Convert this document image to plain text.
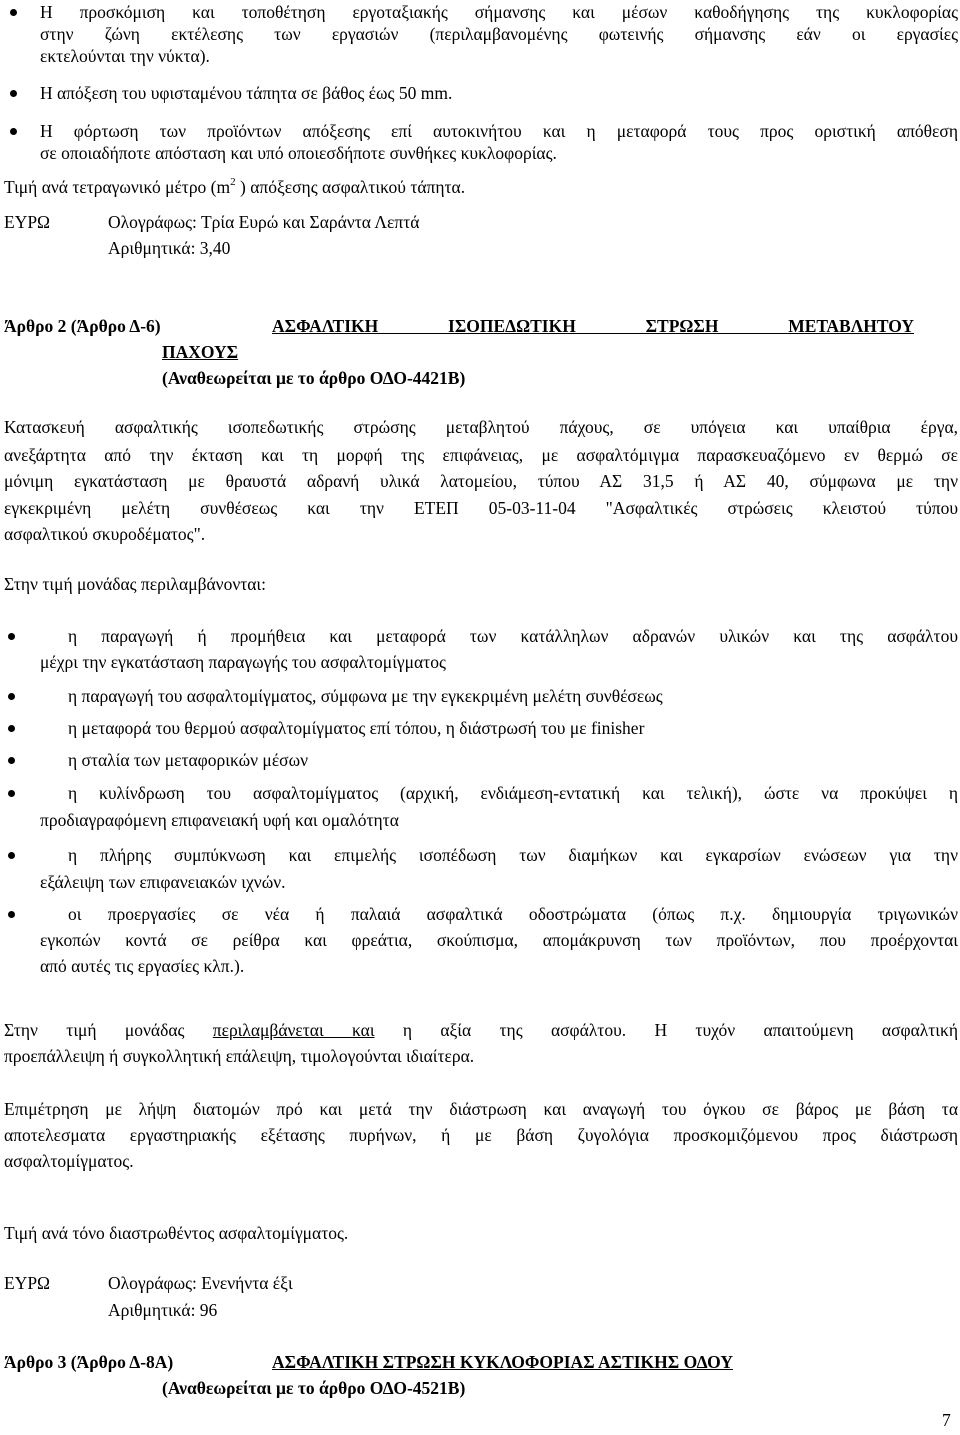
Η προσκόμιση και τοποθέτηση εργοταξιακής σήμανσης και μέσων καθοδήγησης της κυκλοφορίας
στην ζώνη εκτέλεσης των εργασιών (περιλαμβανομένης φωτεινής σήμανσης εάν οι εργασίες
εκτελούνται την νύκτα).
Η απόξεση του υφισταμένου τάπητα σε βάθος έως 50 mm.
Η φόρτωση των προϊόντων απόξεσης επί αυτοκινήτου και η μεταφορά τους προς οριστική απόθεση
σε οποιαδήποτε απόσταση και υπό οποιεσδήποτε συνθήκες κυκλοφορίας.
Τιμή ανά τετραγωνικό μέτρο ($m^2$ ) απόξεσης ασφαλτικού τάπητα.
ΕΥΡΩ	Ολογράφως: Τρία Ευρώ και Σαράντα Λεπτά
Αριθμητικά: 3,40
Άρθρο 2 (Άρθρο Δ-6)	ΑΣΦΑΛΤΙΚΗ ΙΣΟΠΕΔΩΤΙΚΗ ΣΤΡΩΣΗ ΜΕΤΑΒΛΗΤΟΥ
ΠΑΧΟΥΣ
(Αναθεωρείται με το άρθρο ΟΔΟ-4421Β)
Κατασκευή ασφαλτικής ισοπεδωτικής στρώσης μεταβλητού πάχους, σε υπόγεια και υπαίθρια έργα,
ανεξάρτητα από την έκταση και τη μορφή της επιφάνειας, με ασφαλτόμιγμα παρασκευαζόμενο εν θερμώ σε
μόνιμη εγκατάσταση με θραυστά αδρανή υλικά λατομείου, τύπου ΑΣ 31,5 ή ΑΣ 40, σύμφωνα με την
εγκεκριμένη μελέτη συνθέσεως και την ΕΤΕΠ 05-03-11-04 "Ασφαλτικές στρώσεις κλειστού τύπου
ασφαλτικού σκυροδέματος".
Στην τιμή μονάδας περιλαμβάνονται:
η παραγωγή ή προμήθεια και μεταφορά των κατάλληλων αδρανών υλικών και της ασφάλτου
μέχρι την εγκατάσταση παραγωγής του ασφαλτομίγματος
η παραγωγή του ασφαλτομίγματος, σύμφωνα με την εγκεκριμένη μελέτη συνθέσεως
η μεταφορά του θερμού ασφαλτομίγματος επί τόπου, η διάστρωσή του με finisher
η σταλία των μεταφορικών μέσων
η κυλίνδρωση του ασφαλτομίγματος (αρχική, ενδιάμεση-εντατική και τελική), ώστε να προκύψει η
προδιαγραφόμενη επιφανειακή υφή και ομαλότητα
η πλήρης συμπύκνωση και επιμελής ισοπέδωση των διαμήκων και εγκαρσίων ενώσεων για την
εξάλειψη των επιφανειακών ιχνών.
οι προεργασίες σε νέα ή παλαιά ασφαλτικά οδοστρώματα (όπως π.χ. δημιουργία τριγωνικών
εγκοπών κοντά σε ρείθρα και φρεάτια, σκούπισμα, απομάκρυνση των προϊόντων, που προέρχονται
από αυτές τις εργασίες κλπ.).
Στην τιμή μονάδας περιλαμβάνεται και η αξία της ασφάλτου. Η τυχόν απαιτούμενη ασφαλτική
προεπάλλειψη ή συγκολλητική επάλειψη, τιμολογούνται ιδιαίτερα.
Επιμέτρηση με λήψη διατομών πρό και μετά την διάστρωση και αναγωγή του όγκου σε βάρος με βάση τα
αποτελεσματα εργαστηριακής εξέτασης πυρήνων, ή με βάση ζυγολόγια προσκομιζόμενου προς διάστρωση
ασφαλτομίγματος.
Τιμή ανά τόνο διαστρωθέντος ασφαλτομίγματος.
ΕΥΡΩ	Ολογράφως: Ενενήντα έξι
Αριθμητικά: 96
Άρθρο 3 (Άρθρο Δ-8Α)	ΑΣΦΑΛΤΙΚΗ ΣΤΡΩΣΗ ΚΥΚΛΟΦΟΡΙΑΣ ΑΣΤΙΚΗΣ ΟΔΟΥ
(Αναθεωρείται με το άρθρο ΟΔΟ-4521Β)
7
